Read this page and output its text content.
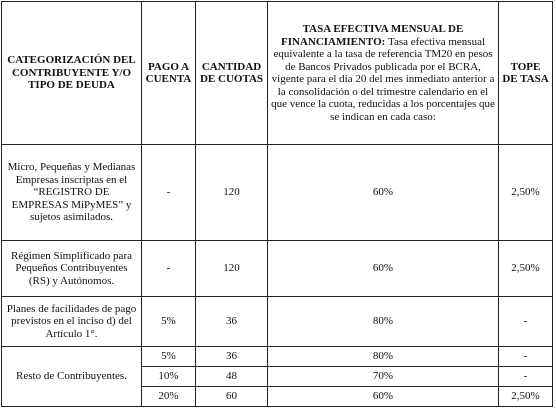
CATEGORIZACIÓN DEL CONTRIBUYENTE Y/O TIPO DE DEUDA	PAGO A CUENTA	CANTIDAD DE CUOTAS	TASA EFECTIVA MENSUAL DE FINANCIAMIENTO: Tasa efectiva mensual equivalente a la tasa de referencia TM20 en pesos de Bancos Privados publicada por el BCRA, vigente para el día 20 del mes inmediato anterior a la consolidación o del trimestre calendario en el que vence la cuota, reducidas a los porcentajes que se indican en cada caso:	TOPE DE TASA
Micro, Pequeñas y Medianas Empresas inscriptas en el “REGISTRO DE EMPRESAS MiPyMES” y sujetos asimilados.	-	120	60%	2,50%
Régimen Simplificado para Pequeños Contribuyentes (RS) y Autónomos.	-	120	60%	2,50%
Planes de facilidades de pago previstos en el inciso d) del Artículo 1°.	5%	36	80%	-
Resto de Contribuyentes.	5%	36	80%	-
	10%	48	70%	-
	20%	60	60%	2,50%
